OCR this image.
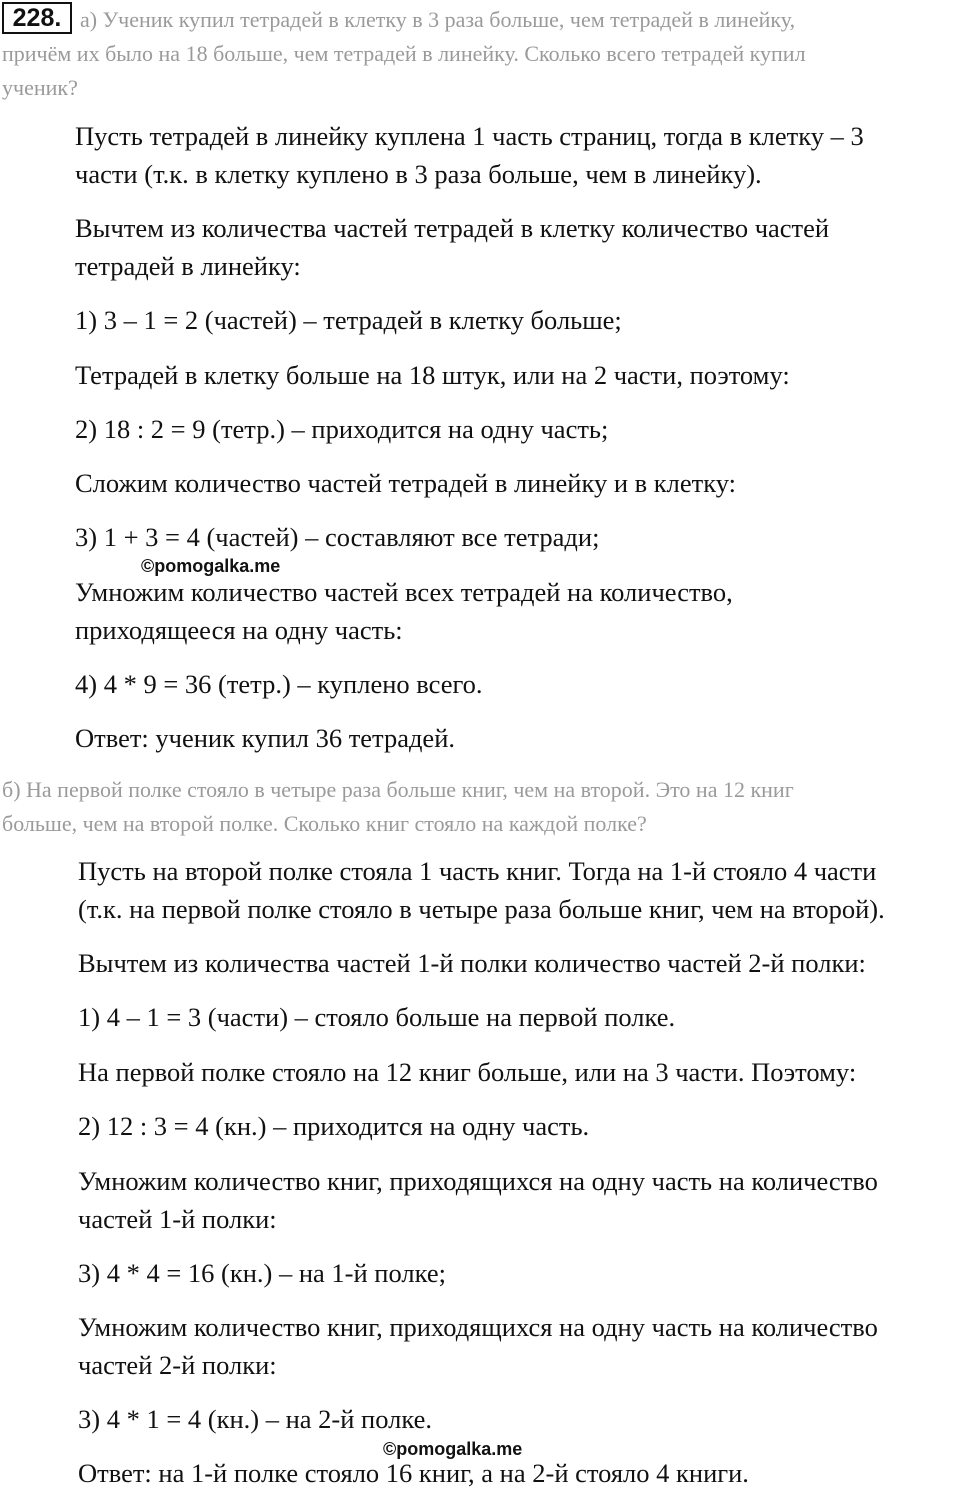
228. а) Ученик купил тетрадей в клетку в 3 раза больше, чем тетрадей в линейку,
причём их было на 18 больше, чем тетрадей в линейку. Сколько всего тетрадей купил
ученик?
Пусть тетрадей в линейку куплена 1 часть страниц, тогда в клетку – 3
части (т.к. в клетку куплено в 3 раза больше, чем в линейку).
Вычтем из количества частей тетрадей в клетку количество частей
тетрадей в линейку:
1) 3 – 1 = 2 (частей) – тетрадей в клетку больше;
Тетрадей в клетку больше на 18 штук, или на 2 части, поэтому:
2) 18 : 2 = 9 (тетр.) – приходится на одну часть;
Сложим количество частей тетрадей в линейку и в клетку:
3) 1 + 3 = 4 (частей) – составляют все тетради;
©pomogalka.me
Умножим количество частей всех тетрадей на количество,
приходящееся на одну часть:
4) 4 * 9 = 36 (тетр.) – куплено всего.
Ответ: ученик купил 36 тетрадей.
б) На первой полке стояло в четыре раза больше книг, чем на второй. Это на 12 книг
больше, чем на второй полке. Сколько книг стояло на каждой полке?
Пусть на второй полке стояла 1 часть книг. Тогда на 1-й стояло 4 части
(т.к. на первой полке стояло в четыре раза больше книг, чем на второй).
Вычтем из количества частей 1-й полки количество частей 2-й полки:
1) 4 – 1 = 3 (части) – стояло больше на первой полке.
На первой полке стояло на 12 книг больше, или на 3 части. Поэтому:
2) 12 : 3 = 4 (кн.) – приходится на одну часть.
Умножим количество книг, приходящихся на одну часть на количество
частей 1-й полки:
3) 4 * 4 = 16 (кн.) – на 1-й полке;
Умножим количество книг, приходящихся на одну часть на количество
частей 2-й полки:
3) 4 * 1 = 4 (кн.) – на 2-й полке.
©pomogalka.me
Ответ: на 1-й полке стояло 16 книг, а на 2-й стояло 4 книги.
